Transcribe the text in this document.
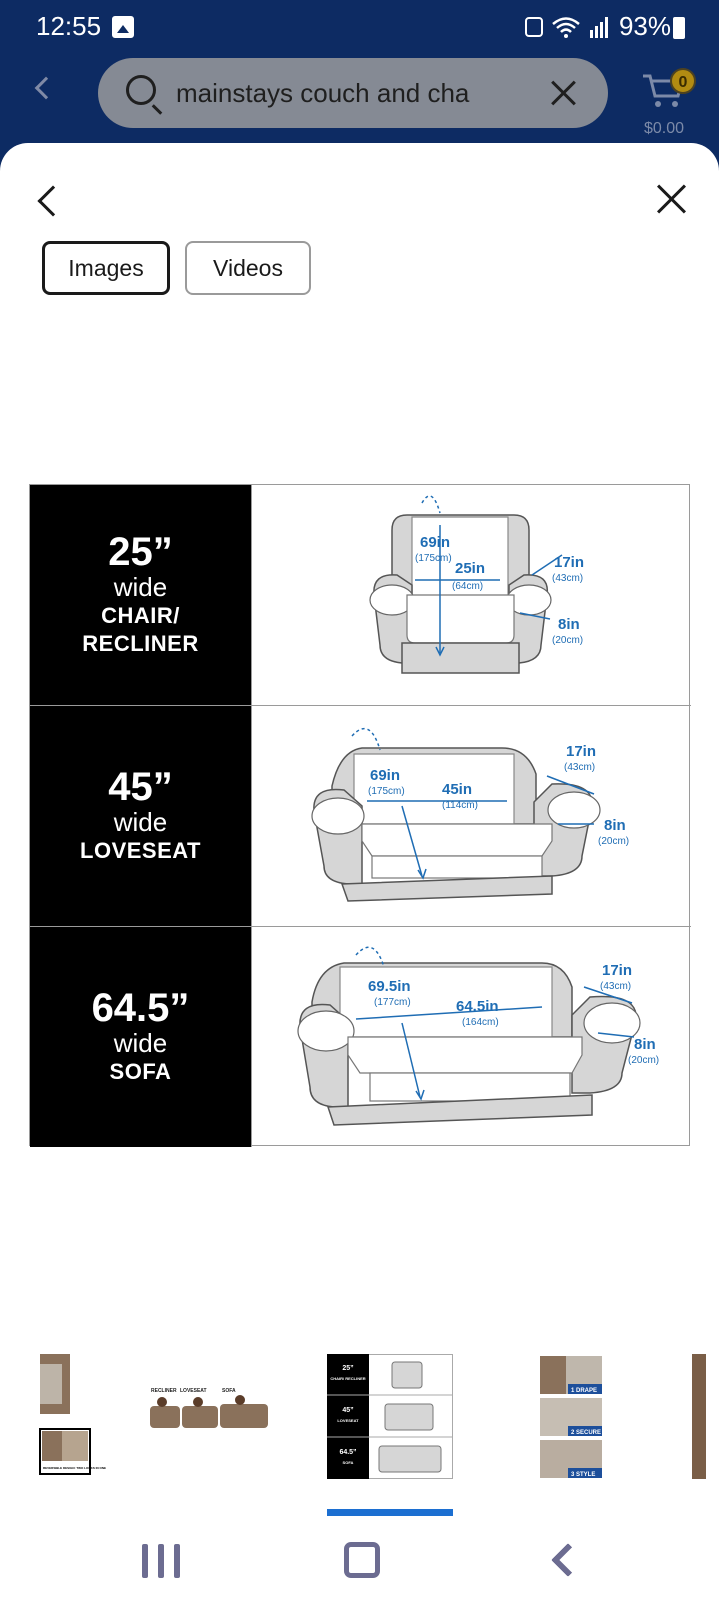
12:55	93%
mainstays couch and cha	0
$0.00
Images	Videos
25”
wide
CHAIR/
RECLINER
69in
(175cm)
25in
(64cm)
17in
(43cm)
8in
(20cm)
45”
wide
LOVESEAT
69in
(175cm) 45in
(114cm)
17in
(43cm)
8in
(20cm)
64.5”
wide
SOFA
69.5in
(177cm)	64.5in
(164cm)
17in
(43cm)
8in
(20cm)
REVERSIBLE DESIGN: TWO LOOKS IN ONE
RECLINER LOVESEAT	SOFA
25”
CHAIR/ RECLINER
45”
LOVESEAT
64.5”
SOFA
1 DRAPE
2 SECURE
3 STYLE
